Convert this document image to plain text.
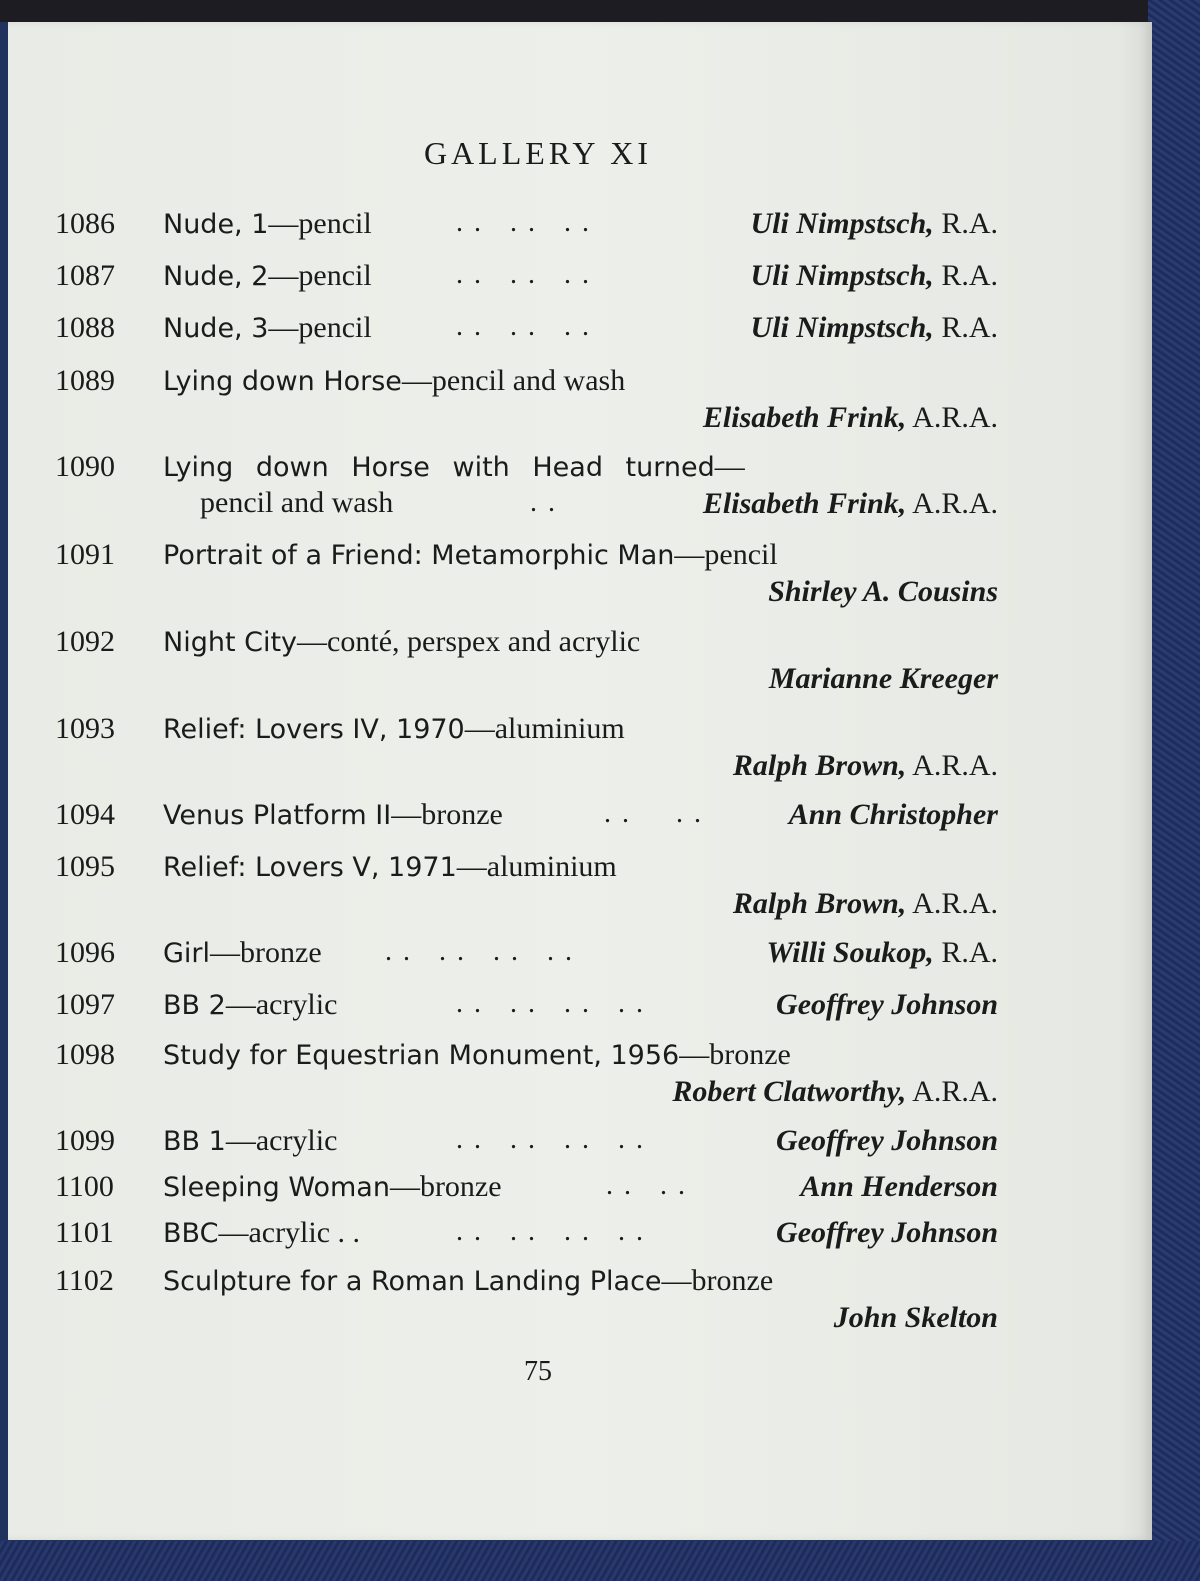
GALLERY XI
1086 Nude, 1—pencil	. .   . .   . .	Uli Nimpstsch, R.A.
1087 Nude, 2—pencil	. .   . .   . .	Uli Nimpstsch, R.A.
1088 Nude, 3—pencil	. .   . .   . .	Uli Nimpstsch, R.A.
1089 Lying down Horse—pencil and wash
Elisabeth Frink, A.R.A.
1090 Lying down Horse with Head turned—
pencil and wash	. .	Elisabeth Frink, A.R.A.
1091 Portrait of a Friend: Metamorphic Man—pencil
Shirley A. Cousins
1092 Night City—conté, perspex and acrylic
Marianne Kreeger
1093 Relief: Lovers IV, 1970—aluminium
Ralph Brown, A.R.A.
1094 Venus Platform II—bronze	. .     . .	Ann Christopher
1095 Relief: Lovers V, 1971—aluminium
Ralph Brown, A.R.A.
1096 Girl—bronze . .   . .   . .   . .	Willi Soukop, R.A.
1097 BB 2—acrylic	. .   . .   . .   . .	Geoffrey Johnson
1098 Study for Equestrian Monument, 1956—bronze
Robert Clatworthy, A.R.A.
1099 BB 1—acrylic	. .   . .   . .   . .	Geoffrey Johnson
1100 Sleeping Woman—bronze	. .   . .	Ann Henderson
1101 BBC—acrylic . .	. .   . .   . .   . .	Geoffrey Johnson
1102 Sculpture for a Roman Landing Place—bronze
John Skelton
75
